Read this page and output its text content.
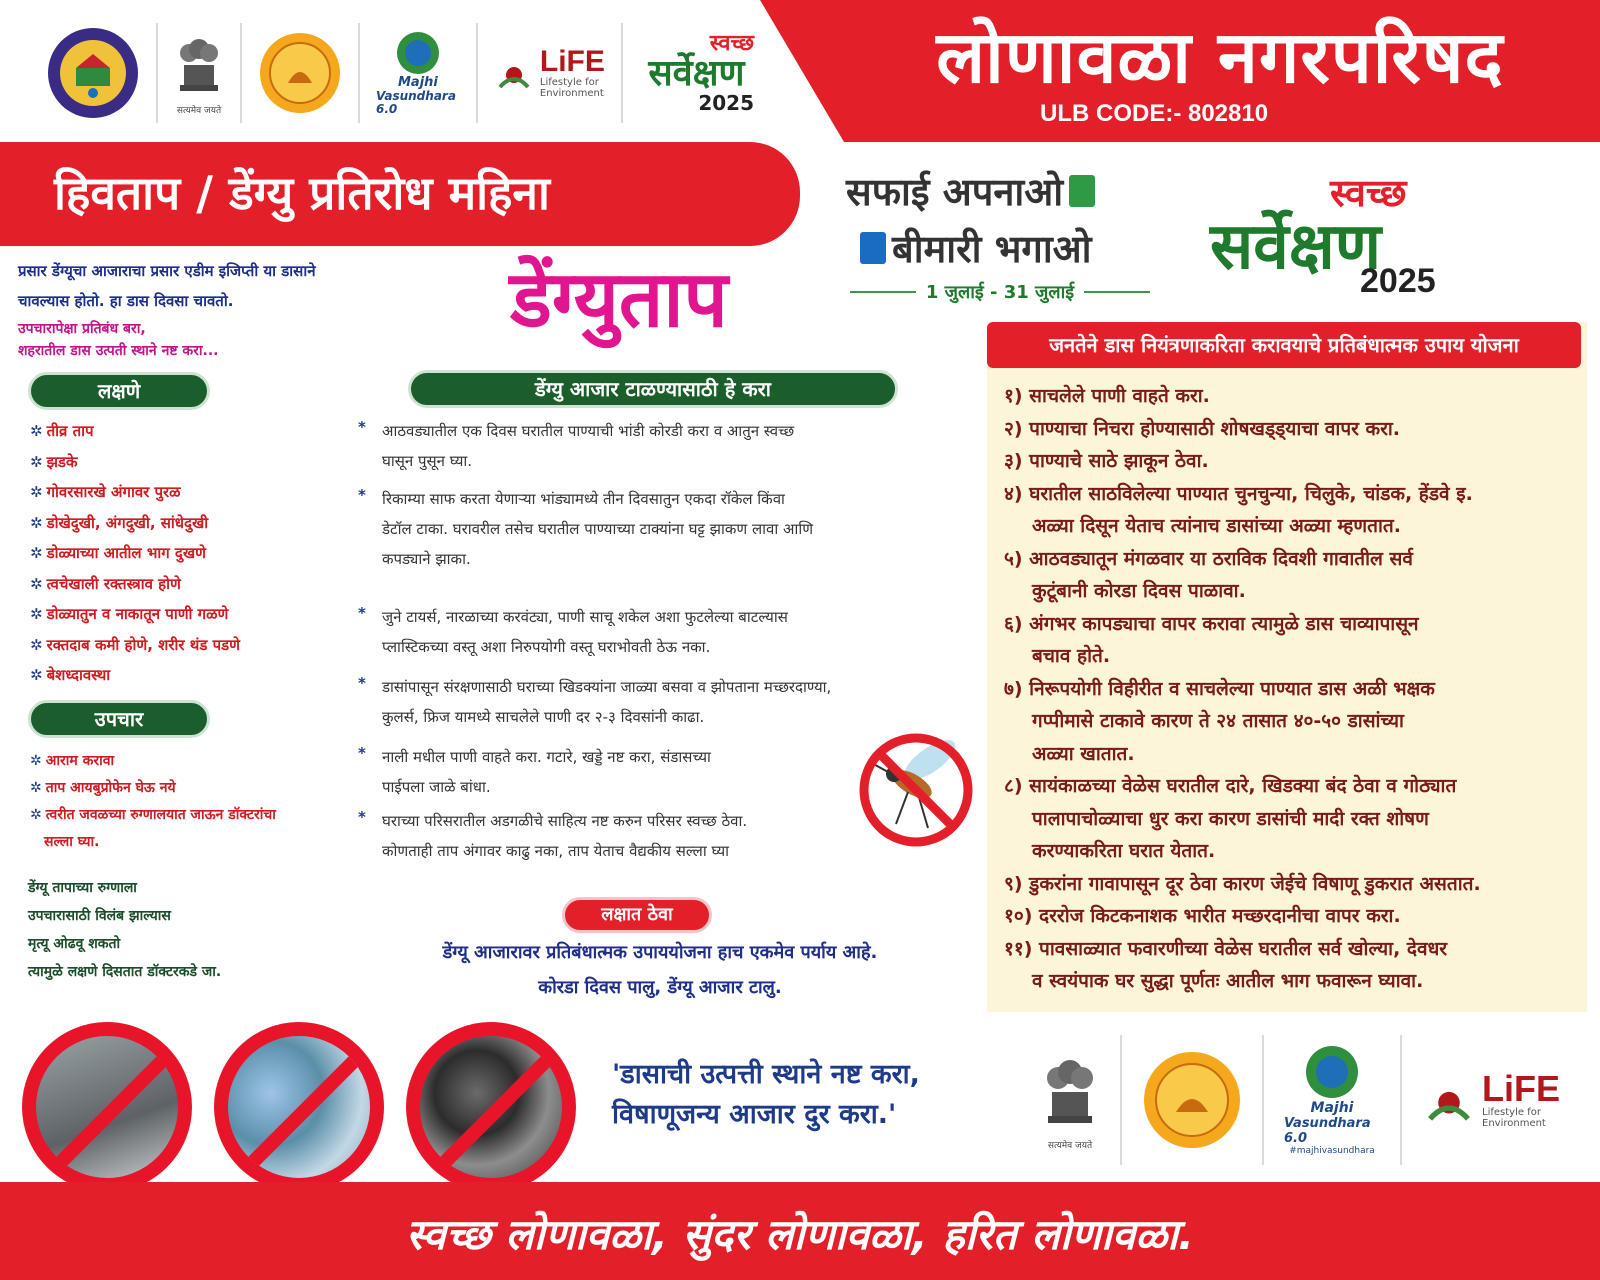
सत्यमेव जयते
Majhi
Vasundhara 6.0
LiFE
Lifestyle for
Environment
स्वच्छ
सर्वेक्षण
2025
लोणावळा नगरपरिषद
ULB CODE:- 802810
हिवताप / डेंग्यु प्रतिरोध महिना	सफाई अपनाओ
बीमारी भगाओ
1 जुलाई - 31 जुलाई
स्वच्छ
सर्वेक्षण
2025
प्रसार डेंग्यूचा आजाराचा प्रसार एडीम इजिप्ती या डासाने
चावल्यास होतो. हा डास दिवसा चावतो.
उपचारापेक्षा प्रतिबंध बरा,
शहरातील डास उत्पती स्थाने नष्ट करा...
डेंग्युताप
लक्षणे
✲ तीव्र ताप
✲ झडके
✲ गोवरसारखे अंगावर पुरळ
✲ डोखेदुखी, अंगदुखी, सांधेदुखी
✲ डोळ्याच्या आतील भाग दुखणे
✲ त्वचेखाली रक्तस्त्राव होणे
✲ डोळ्यातुन व नाकातून पाणी गळणे
✲ रक्तदाब कमी होणे, शरीर थंड पडणे
✲ बेशध्दावस्था
उपचार
✲ आराम करावा
✲ ताप आयबुप्रोफेन घेऊ नये
✲ त्वरीत जवळच्या रुग्णालयात जाऊन डॉक्टरांचा
सल्ला घ्या.
डेंग्यू तापाच्या रुग्णाला
उपचारासाठी विलंब झाल्यास
मृत्यू ओढवू शकतो
त्यामुळे लक्षणे दिसतात डॉक्टरकडे जा.
डेंग्यु आजार टाळण्यासाठी हे करा
* आठवड्यातील एक दिवस घरातील पाण्याची भांडी कोरडी करा व आतुन स्वच्छ
घासून पुसून घ्या.
* रिकाम्या साफ करता येणाऱ्या भांड्यामध्ये तीन दिवसातुन एकदा रॉकेल किंवा
डेटॉल टाका. घरावरील तसेच घरातील पाण्याच्या टाक्यांना घट्ट झाकण लावा आणि
कपड्याने झाका.
* जुने टायर्स, नारळाच्या करवंट्या, पाणी साचू शकेल अशा फुटलेल्या बाटल्यास
प्लास्टिकच्या वस्तू अशा निरुपयोगी वस्तू घराभोवती ठेऊ नका.
* डासांपासून संरक्षणासाठी घराच्या खिडक्यांना जाळ्या बसवा व झोपताना मच्छरदाण्या,
कुलर्स, फ्रिज यामध्ये साचलेले पाणी दर २-३ दिवसांनी काढा.
* नाली मधील पाणी वाहते करा. गटारे, खड्डे नष्ट करा, संडासच्या
पाईपला जाळे बांधा.
* घराच्या परिसरातील अडगळीचे साहित्य नष्ट करुन परिसर स्वच्छ ठेवा.
कोणताही ताप अंगावर काढु नका, ताप येताच वैद्यकीय सल्ला घ्या
लक्षात ठेवा
डेंग्यू आजारावर प्रतिबंधात्मक उपाययोजना हाच एकमेव पर्याय आहे.
कोरडा दिवस पालु, डेंग्यू आजार टालु.
जनतेने डास नियंत्रणाकरिता करावयाचे प्रतिबंधात्मक उपाय योजना
१) साचलेले पाणी वाहते करा.
२) पाण्याचा निचरा होण्यासाठी शोषखड्ड्याचा वापर करा.
३) पाण्याचे साठे झाकून ठेवा.
४) घरातील साठविलेल्या पाण्यात चुनचुन्या, चिलुके, चांडक, हेंडवे इ.
अळ्या दिसून येताच त्यांनाच डासांच्या अळ्या म्हणतात.
५) आठवड्यातून मंगळवार या ठराविक दिवशी गावातील सर्व
कुटूंबानी कोरडा दिवस पाळावा.
६) अंगभर कापड्याचा वापर करावा त्यामुळे डास चाव्यापासून
बचाव होते.
७) निरूपयोगी विहीरीत व साचलेल्या पाण्यात डास अळी भक्षक
गप्पीमासे टाकावे कारण ते २४ तासात ४०-५० डासांच्या
अळ्या खातात.
८) सायंकाळच्या वेळेस घरातील दारे, खिडक्या बंद ठेवा व गोठ्यात
पालापाचोळ्याचा धुर करा कारण डासांची मादी रक्त शोषण
करण्याकरिता घरात येतात.
९) डुकरांना गावापासून दूर ठेवा कारण जेईचे विषाणू डुकरात असतात.
१०) दररोज किटकनाशक भारीत मच्छरदानीचा वापर करा.
११) पावसाळ्यात फवारणीच्या वेळेस घरातील सर्व खोल्या, देवधर
व स्वयंपाक घर सुद्धा पूर्णतः आतील भाग फवारून घ्यावा.
'डासाची उत्पत्ती स्थाने नष्ट करा,
विषाणूजन्य आजार दुर करा.'
सत्यमेव जयते
Majhi
Vasundhara 6.0
#majhivasundhara
LiFE
Lifestyle for
Environment
स्वच्छ लोणावळा, सुंदर लोणावळा, हरित लोणावळा.
